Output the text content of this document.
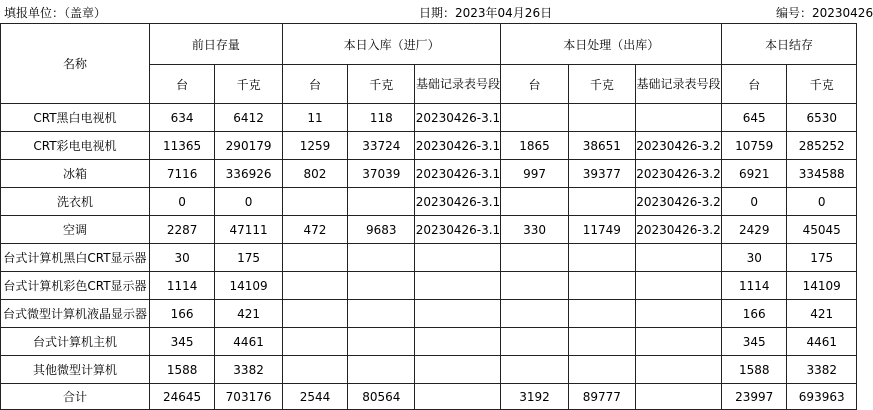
填报单位：（盖章）	日期：2023年04月26日	编号：20230426
名称	前日存量		本日入库（进厂）			本日处理（出库）			本日结存	
	台	千克	台	千克	基础记录表号段	台	千克	基础记录表号段	台	千克
CRT黑白电视机	634	6412	11	118	20230426-3.1				645	6530
CRT彩电电视机	11365	290179	1259	33724	20230426-3.1	1865	38651	20230426-3.2	10759	285252
冰箱	7116	336926	802	37039	20230426-3.1	997	39377	20230426-3.2	6921	334588
洗衣机	0	0			20230426-3.1			20230426-3.2	0	0
空调	2287	47111	472	9683	20230426-3.1	330	11749	20230426-3.2	2429	45045
台式计算机黑白CRT显示器	30	175							30	175
台式计算机彩色CRT显示器	1114	14109							1114	14109
台式微型计算机液晶显示器	166	421							166	421
台式计算机主机	345	4461							345	4461
其他微型计算机	1588	3382							1588	3382
合计	24645	703176	2544	80564		3192	89777		23997	693963
